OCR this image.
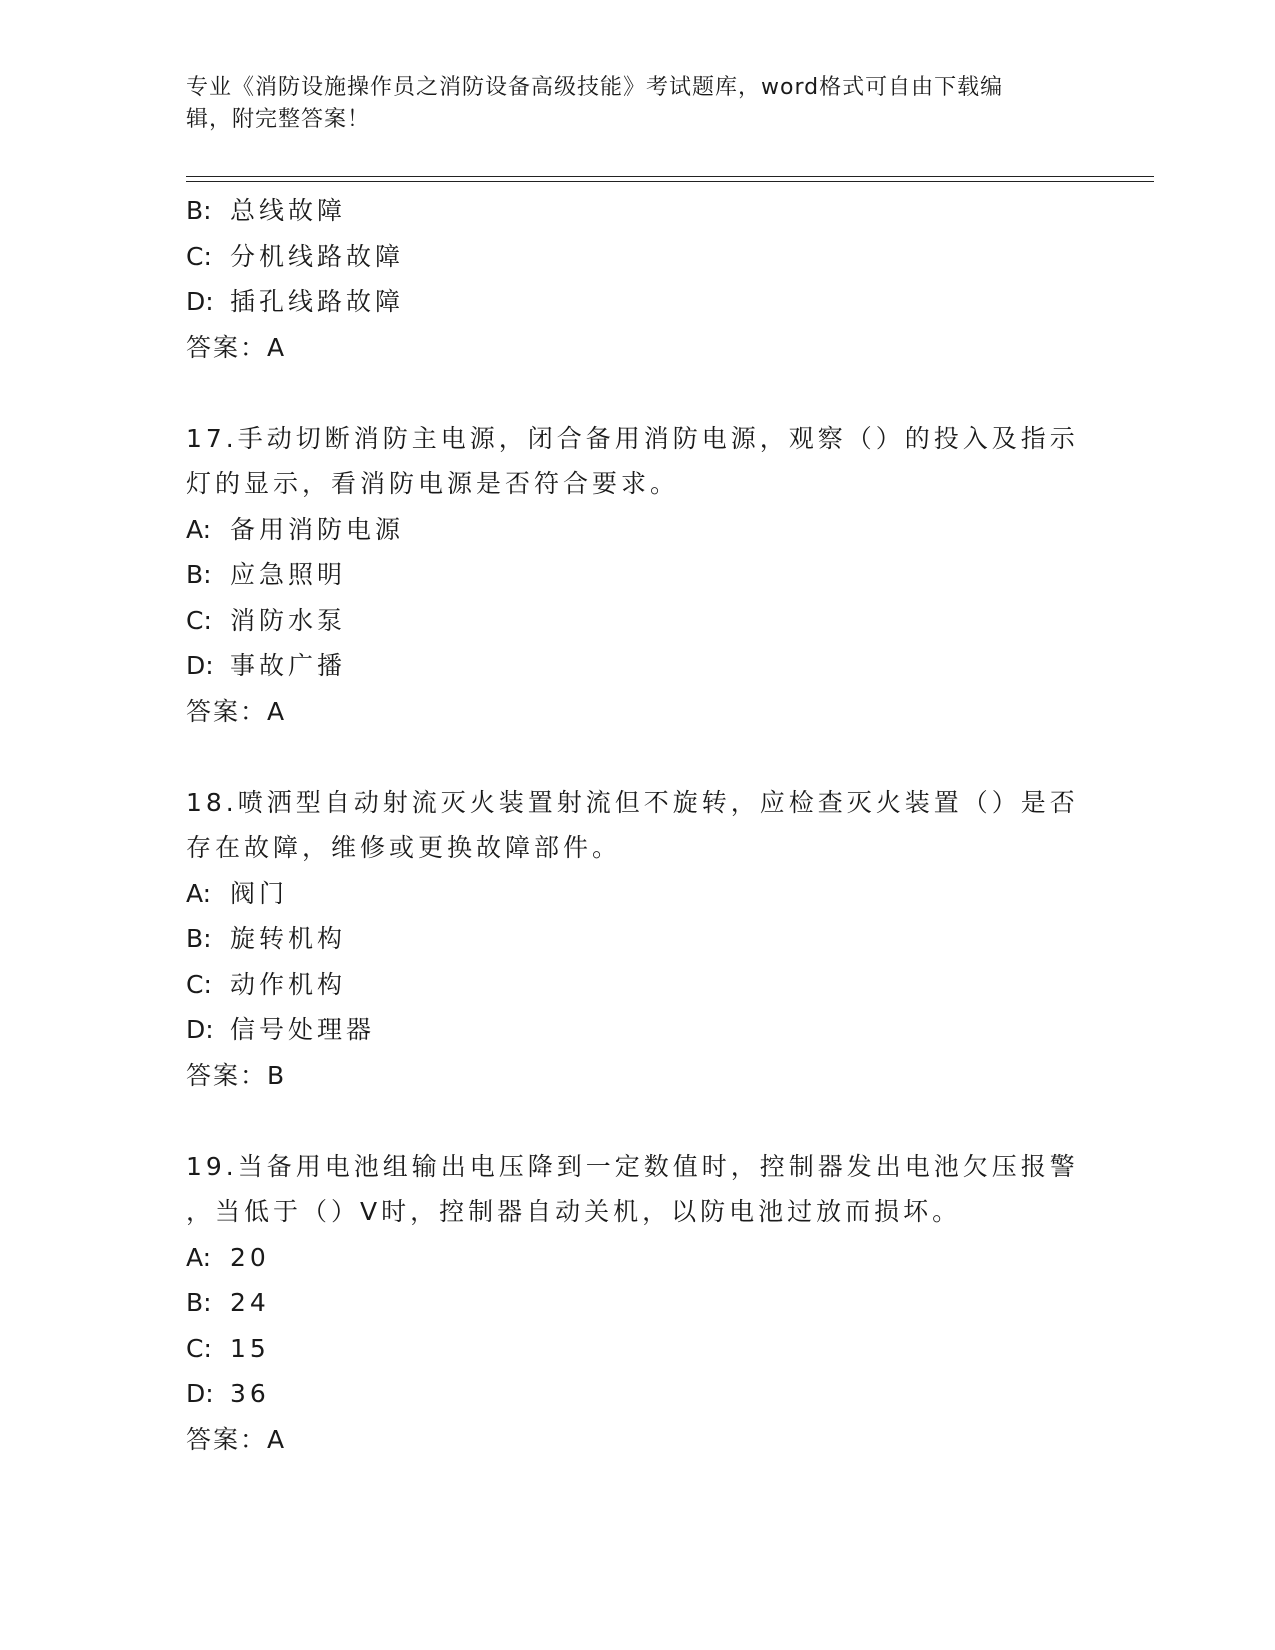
专业《消防设施操作员之消防设备高级技能》考试题库，word格式可自由下载编
辑，附完整答案！
B: 总线故障
C: 分机线路故障
D: 插孔线路故障
答案：A
17.手动切断消防主电源，闭合备用消防电源，观察（）的投入及指示
灯的显示，看消防电源是否符合要求。
A: 备用消防电源
B: 应急照明
C: 消防水泵
D: 事故广播
答案：A
18.喷洒型自动射流灭火装置射流但不旋转，应检查灭火装置（）是否
存在故障，维修或更换故障部件。
A: 阀门
B: 旋转机构
C: 动作机构
D: 信号处理器
答案：B
19.当备用电池组输出电压降到一定数值时，控制器发出电池欠压报警
，当低于（）V时，控制器自动关机，以防电池过放而损坏。
A: 20
B: 24
C: 15
D: 36
答案：A
